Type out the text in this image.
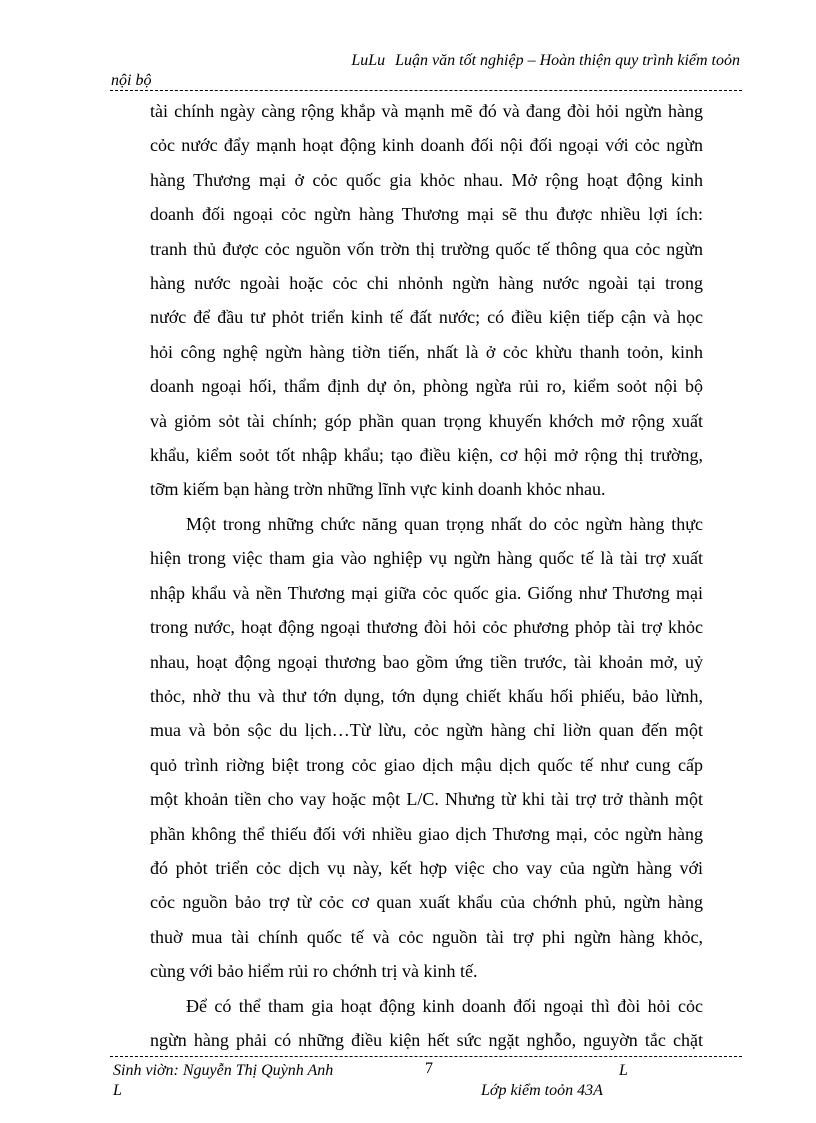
LuLu Luận văn tốt nghiệp – Hoàn thiện quy trình kiểm toỏn
nội bộ
tài chính ngày càng rộng khắp và mạnh mẽ đó và đang đòi hỏi ngừn hàng
cỏc nước đẩy mạnh hoạt động kinh doanh đối nội đối ngoại với cỏc ngừn
hàng Thương mại ở cỏc quốc gia khỏc nhau. Mở rộng hoạt động kinh
doanh đối ngoại cỏc ngừn hàng Thương mại sẽ thu được nhiều lợi ích:
tranh thủ được cỏc nguồn vốn trờn thị trường quốc tế thông qua cỏc ngừn
hàng nước ngoài hoặc cỏc chi nhỏnh ngừn hàng nước ngoài tại trong
nước để đầu tư phỏt triển kinh tế đất nước; có điều kiện tiếp cận và học
hỏi công nghệ ngừn hàng tiờn tiến, nhất là ở cỏc khừu thanh toỏn, kinh
doanh ngoại hối, thẩm định dự ỏn, phòng ngừa rủi ro, kiểm soỏt nội bộ
và giỏm sỏt tài chính; góp phần quan trọng khuyến khớch mở rộng xuất
khẩu, kiểm soỏt tốt nhập khẩu; tạo điều kiện, cơ hội mở rộng thị trường,
tỡm kiếm bạn hàng trờn những lĩnh vực kinh doanh khỏc nhau.
Một trong những chức năng quan trọng nhất do cỏc ngừn hàng thực
hiện trong việc tham gia vào nghiệp vụ ngừn hàng quốc tế là tài trợ xuất
nhập khẩu và nền Thương mại giữa cỏc quốc gia. Giống như Thương mại
trong nước, hoạt động ngoại thương đòi hỏi cỏc phương phỏp tài trợ khỏc
nhau, hoạt động ngoại thương bao gồm ứng tiền trước, tài khoản mở, uỷ
thỏc, nhờ thu và thư tớn dụng, tớn dụng chiết khấu hối phiếu, bảo lừnh,
mua và bỏn sộc du lịch…Từ lừu, cỏc ngừn hàng chỉ liờn quan đến một
quỏ trình riờng biệt trong cỏc giao dịch mậu dịch quốc tế như cung cấp
một khoản tiền cho vay hoặc một L/C. Nhưng từ khi tài trợ trở thành một
phần không thể thiếu đối với nhiều giao dịch Thương mại, cỏc ngừn hàng
đó phỏt triển cỏc dịch vụ này, kết hợp việc cho vay của ngừn hàng với
cỏc nguồn bảo trợ từ cỏc cơ quan xuất khẩu của chớnh phủ, ngừn hàng
thuờ mua tài chính quốc tế và cỏc nguồn tài trợ phi ngừn hàng khỏc,
cùng với bảo hiểm rủi ro chớnh trị và kinh tế.
Để có thể tham gia hoạt động kinh doanh đối ngoại thì đòi hỏi cỏc
ngừn hàng phải có những điều kiện hết sức ngặt nghỗo, nguyờn tắc chặt
Sinh viờn: Nguyễn Thị Quỳnh Anh	7	L
L	Lớp kiểm toỏn 43A
